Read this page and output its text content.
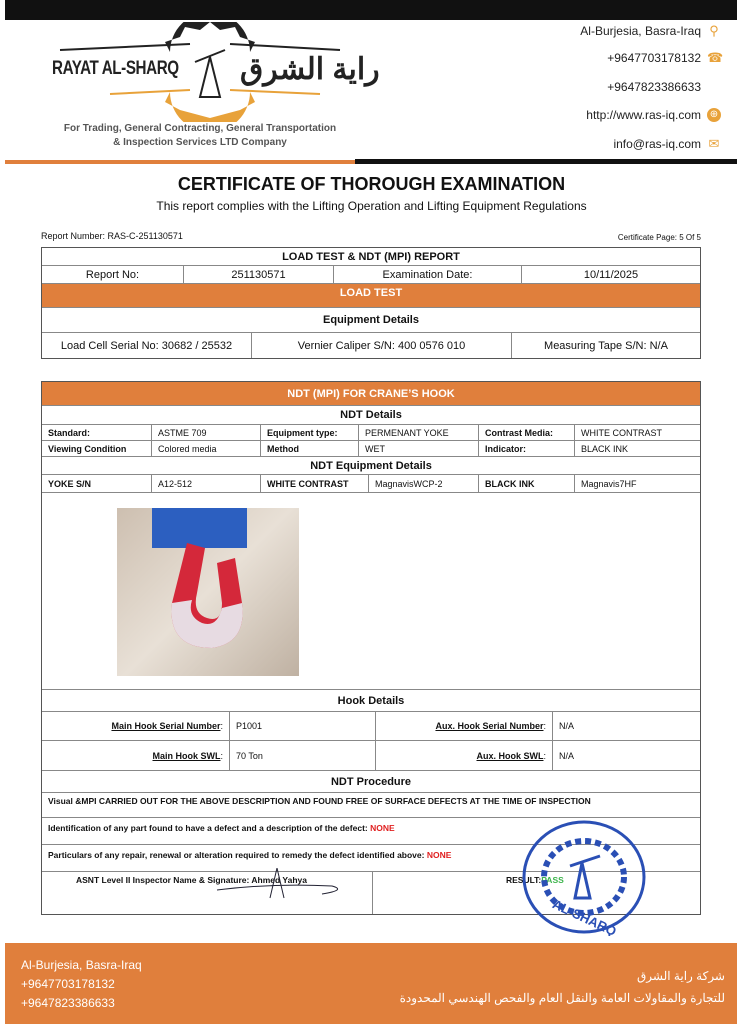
RAYAT AL-SHARQ راية الشرق
For Trading, General Contracting, General Transportation
& Inspection Services LTD Company
Al-Burjesia, Basra-Iraq ⚲
+9647703178132 ☎
+9647823386633
http://www.ras-iq.com ⊕
info@ras-iq.com ✉
CERTIFICATE OF THOROUGH EXAMINATION
This report complies with the Lifting Operation and Lifting Equipment Regulations
Report Number: RAS-C-251130571	Certificate Page: 5 Of 5
LOAD TEST & NDT (MPI) REPORT
Report No:	251130571	Examination Date:	10/11/2025
LOAD TEST
Equipment Details
Load Cell Serial No: 30682 / 25532	Vernier Caliper S/N: 400 0576 010	Measuring Tape S/N: N/A
NDT (MPI) FOR CRANE’S HOOK
NDT Details
Standard:	ASTME 709	Equipment type:	PERMENANT YOKE	Contrast Media:	WHITE CONTRAST
Viewing Condition	Colored media	Method	WET	Indicator:	BLACK INK
NDT Equipment Details
YOKE S/N	A12-512	WHITE CONTRAST	MagnavisWCP-2	BLACK INK	Magnavis7HF
Hook Details
Main Hook Serial Number :	P1001	Aux. Hook Serial Number :	N/A
Main Hook SWL :	70 Ton	Aux. Hook SWL :	N/A
NDT Procedure
Visual &MPI CARRIED OUT FOR THE ABOVE DESCRIPTION AND FOUND FREE OF SURFACE DEFECTS AT THE TIME OF INSPECTION
Identification of any part found to have a defect and a description of the defect:
NONE
Particulars of any repair, renewal or alteration required to remedy the defect identified above:
NONE
ASNT Level II Inspector Name & Signature: Ahmed Yahya	RESULT: PASS
AL-SHARQ
Al-Burjesia, Basra-Iraq
+9647703178132
+9647823386633
شركة راية الشرق
للتجارة والمقاولات العامة والنقل العام والفحص الهندسي المحدودة
